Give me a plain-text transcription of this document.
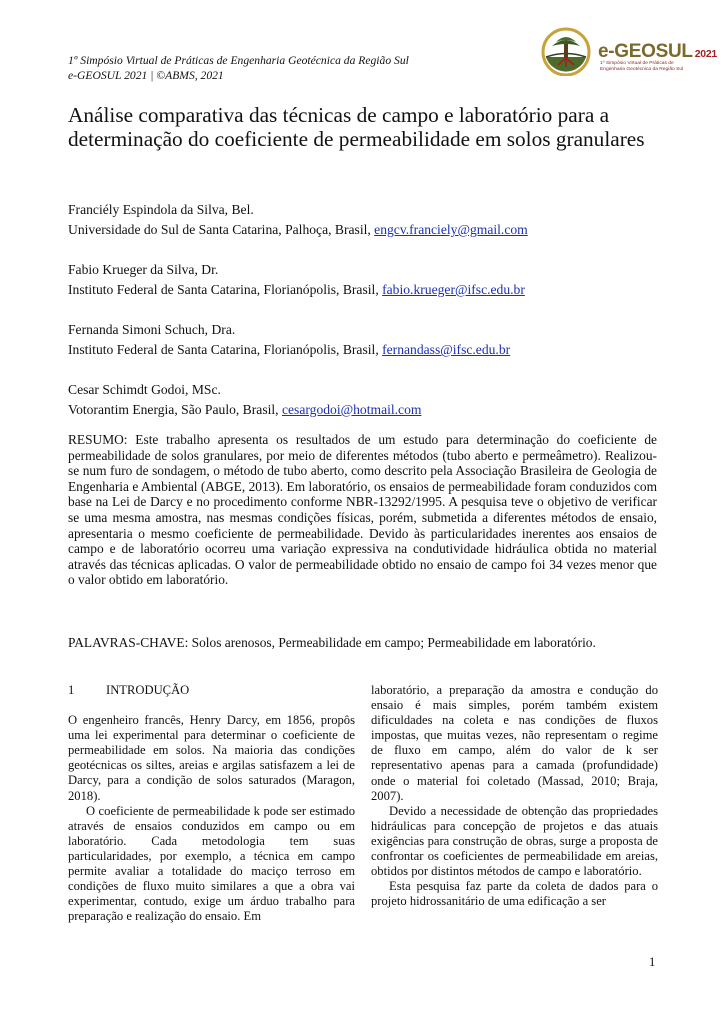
1º Simpósio Virtual de Práticas de Engenharia Geotécnica da Região Sul
e-GEOSUL 2021 | ©ABMS, 2021
e-GEOSUL 2021
1º Simpósio Virtual de Práticas de
Engenharia Geotécnica da Região Sul
Análise comparativa das técnicas de campo e laboratório para a determinação do coeficiente de permeabilidade em solos granulares
Franciély Espindola da Silva, Bel.
Universidade do Sul de Santa Catarina, Palhoça, Brasil, engcv.franciely@gmail.com
Fabio Krueger da Silva, Dr.
Instituto Federal de Santa Catarina, Florianópolis, Brasil, fabio.krueger@ifsc.edu.br
Fernanda Simoni Schuch, Dra.
Instituto Federal de Santa Catarina, Florianópolis, Brasil, fernandass@ifsc.edu.br
Cesar Schimdt Godoi, MSc.
Votorantim Energia, São Paulo, Brasil, cesargodoi@hotmail.com

RESUMO: Este trabalho apresenta os resultados de um estudo para determinação do coeficiente de permeabilidade de solos granulares, por meio de diferentes métodos (tubo aberto e permeâmetro). Realizou-se num furo de sondagem, o método de tubo aberto, como descrito pela Associação Brasileira de Geologia de Engenharia e Ambiental (ABGE, 2013). Em laboratório, os ensaios de permeabilidade foram conduzidos com base na Lei de Darcy e no procedimento conforme NBR-13292/1995. A pesquisa teve o objetivo de verificar se uma mesma amostra, nas mesmas condições físicas, porém, submetida a diferentes métodos de ensaio, apresentaria o mesmo coeficiente de permeabilidade. Devido às particularidades inerentes aos ensaios de campo e de laboratório ocorreu uma variação expressiva na condutividade hidráulica obtida no material através das técnicas aplicadas. O valor de permeabilidade obtido no ensaio de campo foi 34 vezes menor que o valor obtido em laboratório.

PALAVRAS-CHAVE: Solos arenosos, Permeabilidade em campo; Permeabilidade em laboratório.

1	INTRODUÇÃO

O engenheiro francês, Henry Darcy, em 1856, propôs uma lei experimental para determinar o coeficiente de permeabilidade em solos. Na maioria das condições geotécnicas os siltes, areias e argilas satisfazem a lei de Darcy, para a condição de solos saturados (Maragon, 2018).

O coeficiente de permeabilidade k pode ser estimado através de ensaios conduzidos em campo ou em laboratório. Cada metodologia tem suas particularidades, por exemplo, a técnica em campo permite avaliar a totalidade do maciço terroso em condições de fluxo muito similares a que a obra vai experimentar, contudo, exige um árduo trabalho para preparação e realização do ensaio. Em

laboratório, a preparação da amostra e condução do ensaio é mais simples, porém também existem dificuldades na coleta e nas condições de fluxos impostas, que muitas vezes, não representam o regime de fluxo em campo, além do valor de k ser representativo apenas para a camada (profundidade) onde o material foi coletado (Massad, 2010; Braja, 2007).

Devido a necessidade de obtenção das propriedades hidráulicas para concepção de projetos e das atuais exigências para construção de obras, surge a proposta de confrontar os coeficientes de permeabilidade em areias, obtidos por distintos métodos de campo e laboratório.

Esta pesquisa faz parte da coleta de dados para o projeto hidrossanitário de uma edificação a ser

1
